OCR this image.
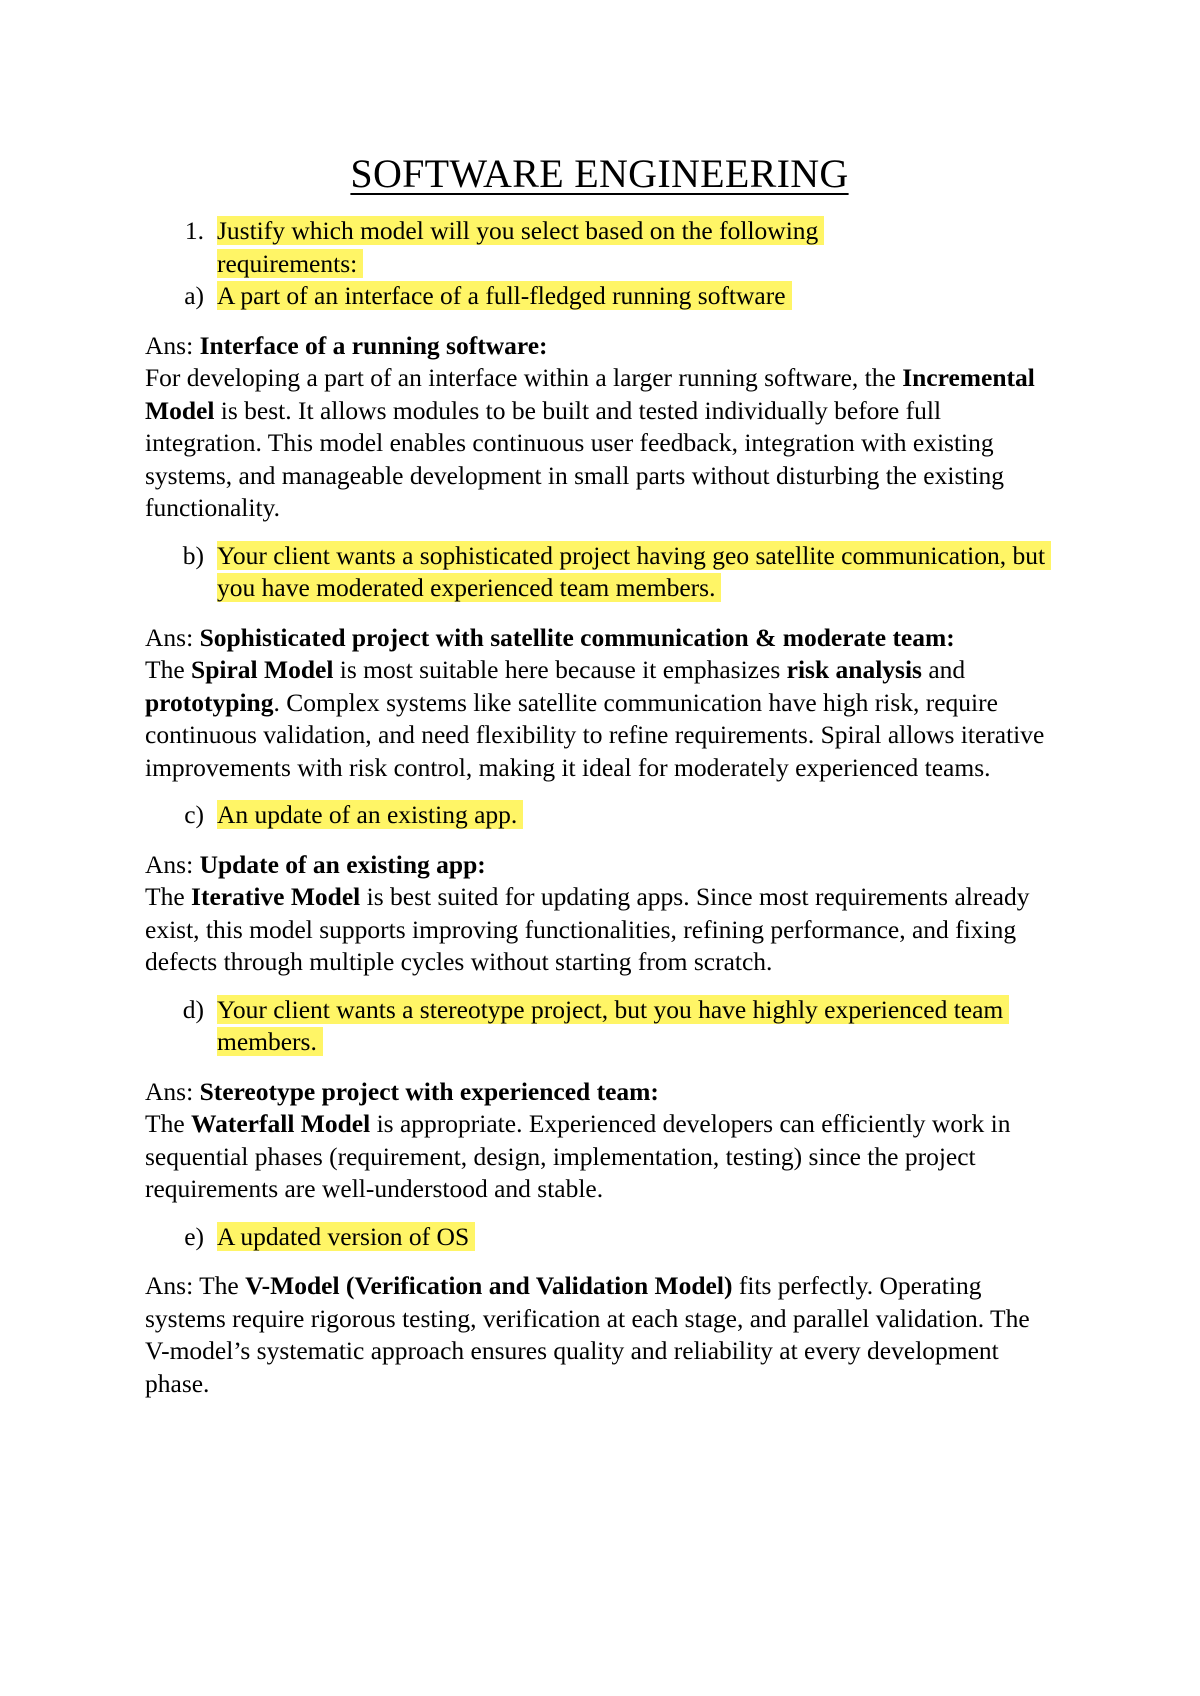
SOFTWARE ENGINEERING
1. Justify which model will you select based on the following
requirements:
a) A part of an interface of a full-fledged running software
Ans: Interface of a running software:
For developing a part of an interface within a larger running software, the Incremental Model is best. It allows modules to be built and tested individually before full integration. This model enables continuous user feedback, integration with existing systems, and manageable development in small parts without disturbing the existing functionality.
b) Your client wants a sophisticated project having geo satellite communication, but you have moderated experienced team members.
Ans: Sophisticated project with satellite communication & moderate team:
The Spiral Model is most suitable here because it emphasizes risk analysis and prototyping. Complex systems like satellite communication have high risk, require continuous validation, and need flexibility to refine requirements. Spiral allows iterative improvements with risk control, making it ideal for moderately experienced teams.
c) An update of an existing app.
Ans: Update of an existing app:
The Iterative Model is best suited for updating apps. Since most requirements already exist, this model supports improving functionalities, refining performance, and fixing defects through multiple cycles without starting from scratch.
d) Your client wants a stereotype project, but you have highly experienced team members.
Ans: Stereotype project with experienced team:
The Waterfall Model is appropriate. Experienced developers can efficiently work in sequential phases (requirement, design, implementation, testing) since the project requirements are well-understood and stable.
e) A updated version of OS
Ans: The V-Model (Verification and Validation Model) fits perfectly. Operating systems require rigorous testing, verification at each stage, and parallel validation. The V-model’s systematic approach ensures quality and reliability at every development phase.
